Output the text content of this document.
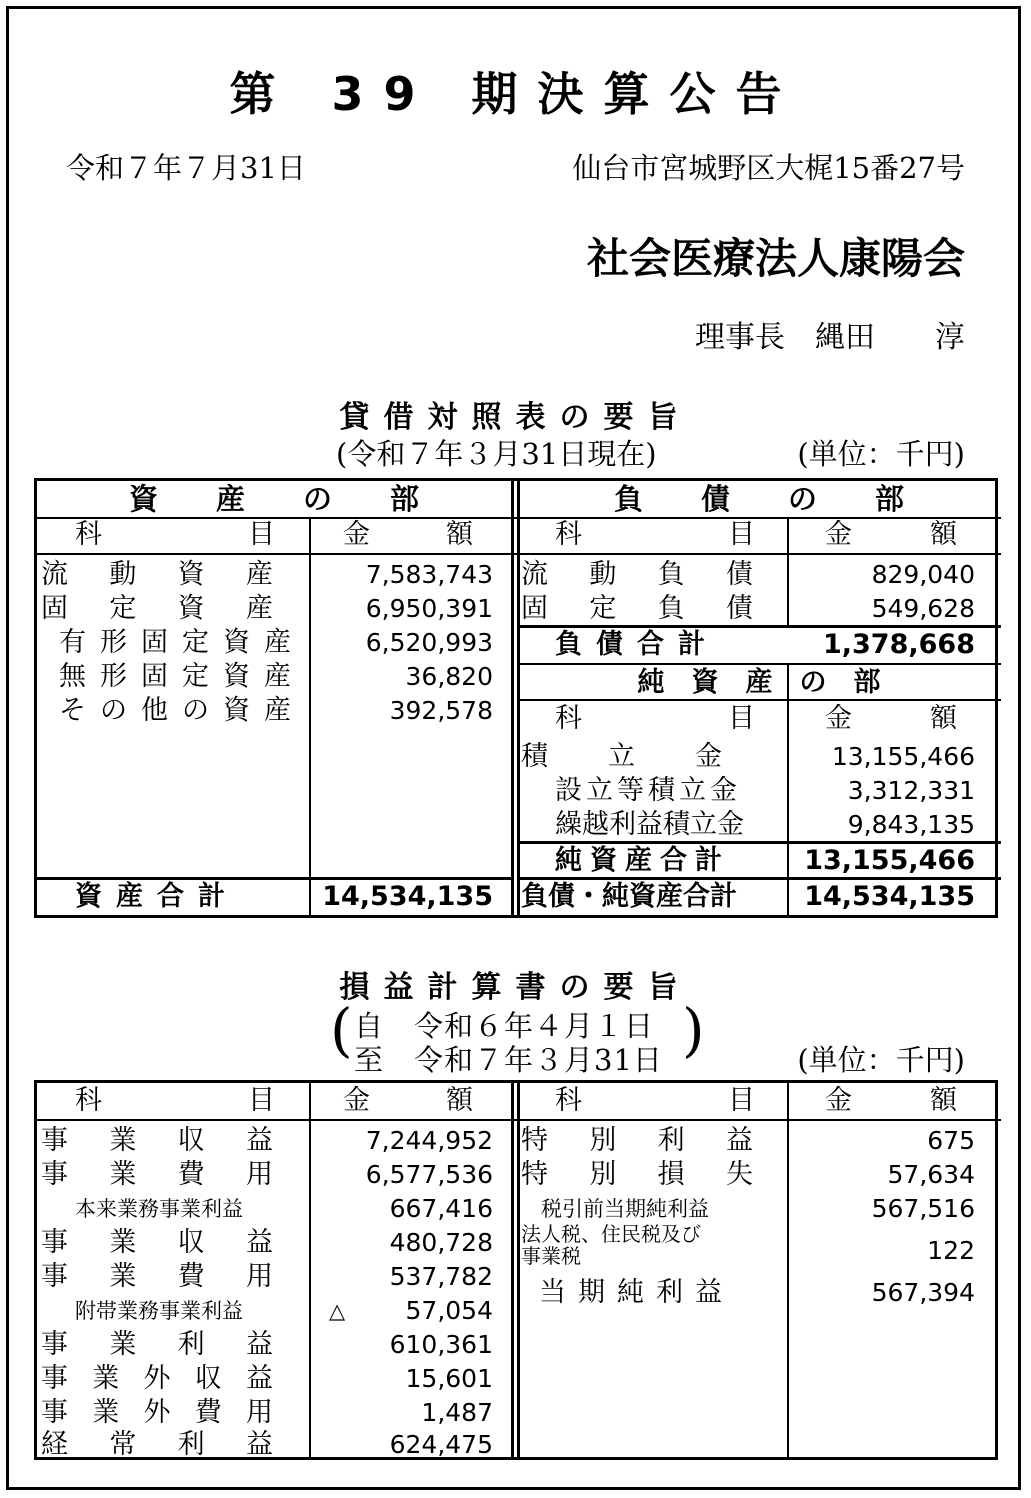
第 39 期決算公告
令和７年７月31日	仙台市宮城野区大梶15番27号
社会医療法人康陽会
理事長　縄田　　淳
貸借対照表の要旨
(令和７年３月31日現在)	(単位：千円)
資　　産　　の　　部	負　　債　　の　　部
科	目	金	額	科	目	金	額
流 動 資 産	7,583,743
固 定 資 産	6,950,391
有 形 固 定 資 産	6,520,993
無 形 固 定 資 産	36,820
そ の 他 の 資 産	392,578
資産合計	14,534,135
流 動 負 債	829,040
固 定 負 債	549,628
負債合計	1,378,668
純　資　産　の　部
科	目	金	額
積立金	13,155,466
設立等積立金	3,312,331
繰越利益積立金	9,843,135
純資産合計	13,155,466
負債・純資産合計	14,534,135
損益計算書の要旨
( 自　令和６年４月１日
至　令和７年３月31日 )	(単位：千円)
科	目	金	額	科	目	金	額
事 業 収 益	7,244,952
事 業 費 用	6,577,536
本来業務事業利益	667,416
事 業 収 益	480,728
事 業 費 用	537,782
附帯業務事業利益	△	57,054
事 業 利 益	610,361
事 業 外 収 益	15,601
事 業 外 費 用	1,487
経 常 利 益	624,475
特 別 利 益	675
特 別 損 失	57,634
税引前当期純利益	567,516
法人税、住民税及び事業税	122
当期純利益	567,394
